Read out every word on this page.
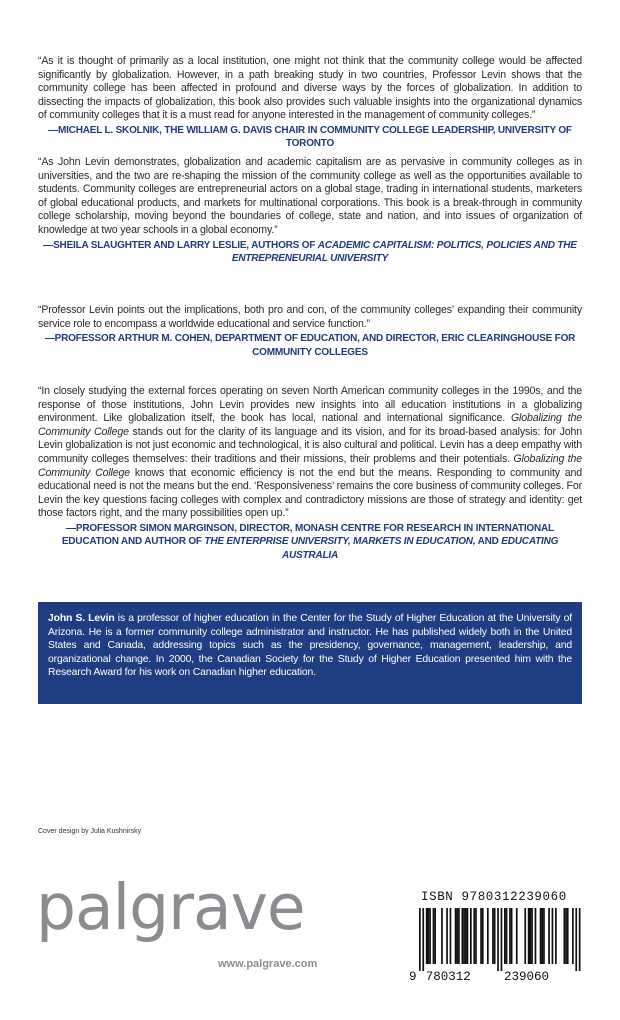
“As it is thought of primarily as a local institution, one might not think that the community college would be affected significantly by globalization. However, in a path breaking study in two countries, Professor Levin shows that the community college has been affected in profound and diverse ways by the forces of globalization. In addition to dissecting the impacts of globalization, this book also provides such valuable insights into the organizational dynamics of community colleges that it is a must read for anyone interested in the management of community colleges.”

—MICHAEL L. SKOLNIK, THE WILLIAM G. DAVIS CHAIR IN COMMUNITY COLLEGE LEADERSHIP, UNIVERSITY OF TORONTO

“As John Levin demonstrates, globalization and academic capitalism are as pervasive in community colleges as in universities, and the two are re-shaping the mission of the community college as well as the opportunities available to students. Community colleges are entrepreneurial actors on a global stage, trading in international students, marketers of global educational products, and markets for multinational corporations. This book is a break-through in community college scholarship, moving beyond the boundaries of college, state and nation, and into issues of organization of knowledge at two year schools in a global economy.”

—SHEILA SLAUGHTER AND LARRY LESLIE, AUTHORS OF ACADEMIC CAPITALISM: POLITICS, POLICIES AND THE ENTREPRENEURIAL UNIVERSITY

“Professor Levin points out the implications, both pro and con, of the community colleges’ expanding their community service role to encompass a worldwide educational and service function.”

—PROFESSOR ARTHUR M. COHEN, DEPARTMENT OF EDUCATION, AND DIRECTOR, ERIC CLEARINGHOUSE FOR COMMUNITY COLLEGES

“In closely studying the external forces operating on seven North American community colleges in the 1990s, and the response of those institutions, John Levin provides new insights into all education institutions in a globalizing environment. Like globalization itself, the book has local, national and international significance. Globalizing the Community College stands out for the clarity of its language and its vision, and for its broad-based analysis: for John Levin globalization is not just economic and technological, it is also cultural and political. Levin has a deep empathy with community colleges themselves: their traditions and their missions, their problems and their potentials. Globalizing the Community College knows that economic efficiency is not the end but the means. Responding to community and educational need is not the means but the end. ‘Responsiveness’ remains the core business of community colleges. For Levin the key questions facing colleges with complex and contradictory missions are those of strategy and identity: get those factors right, and the many possibilities open up.”

—PROFESSOR SIMON MARGINSON, DIRECTOR, MONASH CENTRE FOR RESEARCH IN INTERNATIONAL EDUCATION AND AUTHOR OF THE ENTERPRISE UNIVERSITY, MARKETS IN EDUCATION, AND EDUCATING AUSTRALIA

John S. Levin is a professor of higher education in the Center for the Study of Higher Education at the University of Arizona. He is a former community college administrator and instructor. He has published widely both in the United States and Canada, addressing topics such as the presidency, governance, management, leadership, and organizational change. In 2000, the Canadian Society for the Study of Higher Education presented him with the Research Award for his work on Canadian higher education.

Cover design by Julia Kushnirsky
palgrave
www.palgrave.com
ISBN 9780312239060
9 780312	239060
